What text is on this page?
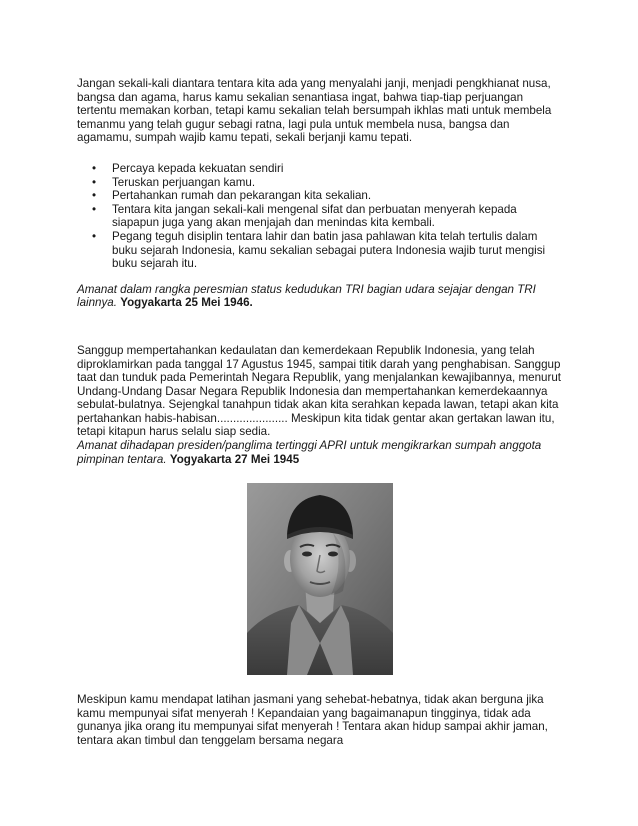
Jangan sekali-kali diantara tentara kita ada yang menyalahi janji, menjadi pengkhianat nusa, bangsa dan agama, harus kamu sekalian senantiasa ingat, bahwa tiap-tiap perjuangan tertentu memakan korban, tetapi kamu sekalian telah bersumpah ikhlas mati untuk membela temanmu yang telah gugur sebagi ratna, lagi pula untuk membela nusa, bangsa dan agamamu, sumpah wajib kamu tepati, sekali berjanji kamu tepati.

• Percaya kepada kekuatan sendiri
• Teruskan perjuangan kamu.
• Pertahankan rumah dan pekarangan kita sekalian.
• Tentara kita jangan sekali-kali mengenal sifat dan perbuatan menyerah kepada siapapun juga yang akan menjajah dan menindas kita kembali.
• Pegang teguh disiplin tentara lahir dan batin jasa pahlawan kita telah tertulis dalam buku sejarah Indonesia, kamu sekalian sebagai putera Indonesia wajib turut mengisi buku sejarah itu.

Amanat dalam rangka peresmian status kedudukan TRI bagian udara sejajar dengan TRI lainnya. Yogyakarta 25 Mei 1946.

Sanggup mempertahankan kedaulatan dan kemerdekaan Republik Indonesia, yang telah diproklamirkan pada tanggal 17 Agustus 1945, sampai titik darah yang penghabisan. Sanggup taat dan tunduk pada Pemerintah Negara Republik, yang menjalankan kewajibannya, menurut Undang-Undang Dasar Negara Republik Indonesia dan mempertahankan kemerdekaannya sebulat-bulatnya. Sejengkal tanahpun tidak akan kita serahkan kepada lawan, tetapi akan kita pertahankan habis-habisan...................... Meskipun kita tidak gentar akan gertakan lawan itu, tetapi kitapun harus selalu siap sedia.

Amanat dihadapan presiden/panglima tertinggi APRI untuk mengikrarkan sumpah anggota pimpinan tentara. Yogyakarta 27 Mei 1945

Meskipun kamu mendapat latihan jasmani yang sehebat-hebatnya, tidak akan berguna jika kamu mempunyai sifat menyerah ! Kepandaian yang bagaimanapun tingginya, tidak ada gunanya jika orang itu mempunyai sifat menyerah ! Tentara akan hidup sampai akhir jaman, tentara akan timbul dan tenggelam bersama negara
